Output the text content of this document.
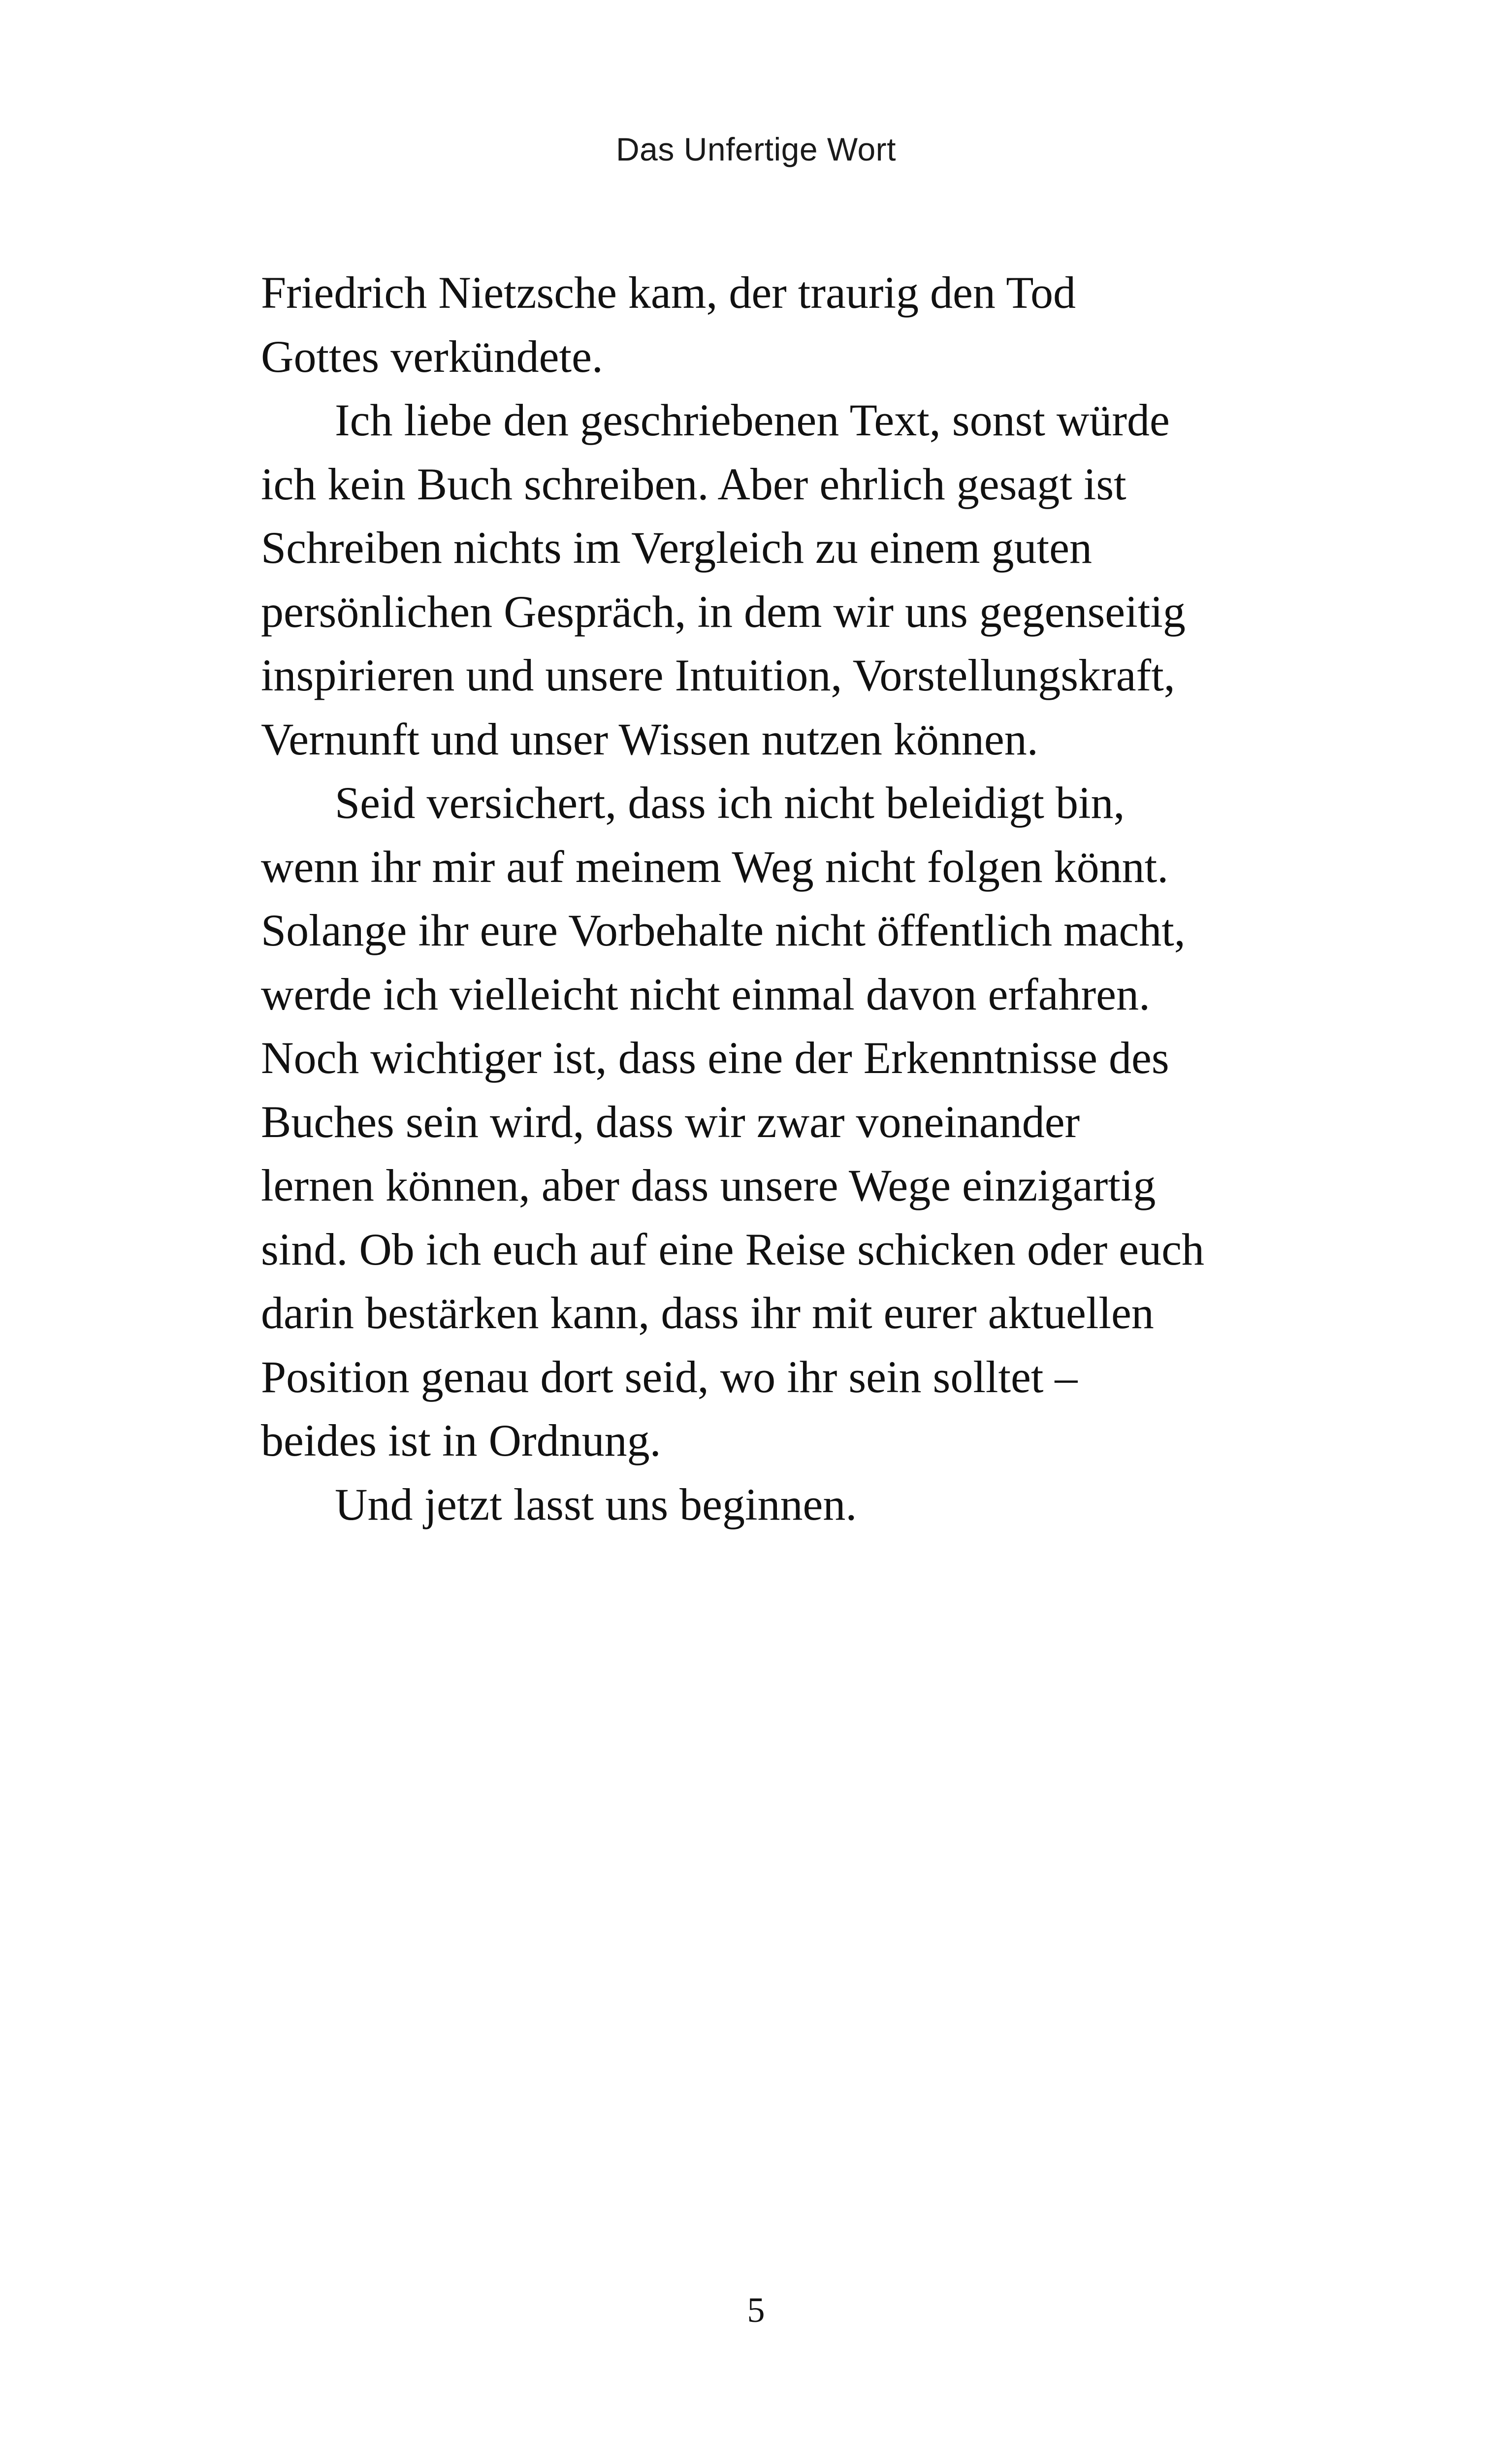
Das Unfertige Wort
Friedrich Nietzsche kam, der traurig den Tod
Gottes verkündete.
Ich liebe den geschriebenen Text, sonst würde
ich kein Buch schreiben. Aber ehrlich gesagt ist
Schreiben nichts im Vergleich zu einem guten
persönlichen Gespräch, in dem wir uns gegenseitig
inspirieren und unsere Intuition, Vorstellungskraft,
Vernunft und unser Wissen nutzen können.
Seid versichert, dass ich nicht beleidigt bin,
wenn ihr mir auf meinem Weg nicht folgen könnt.
Solange ihr eure Vorbehalte nicht öffentlich macht,
werde ich vielleicht nicht einmal davon erfahren.
Noch wichtiger ist, dass eine der Erkenntnisse des
Buches sein wird, dass wir zwar voneinander
lernen können, aber dass unsere Wege einzigartig
sind. Ob ich euch auf eine Reise schicken oder euch
darin bestärken kann, dass ihr mit eurer aktuellen
Position genau dort seid, wo ihr sein solltet –
beides ist in Ordnung.
Und jetzt lasst uns beginnen.
5
